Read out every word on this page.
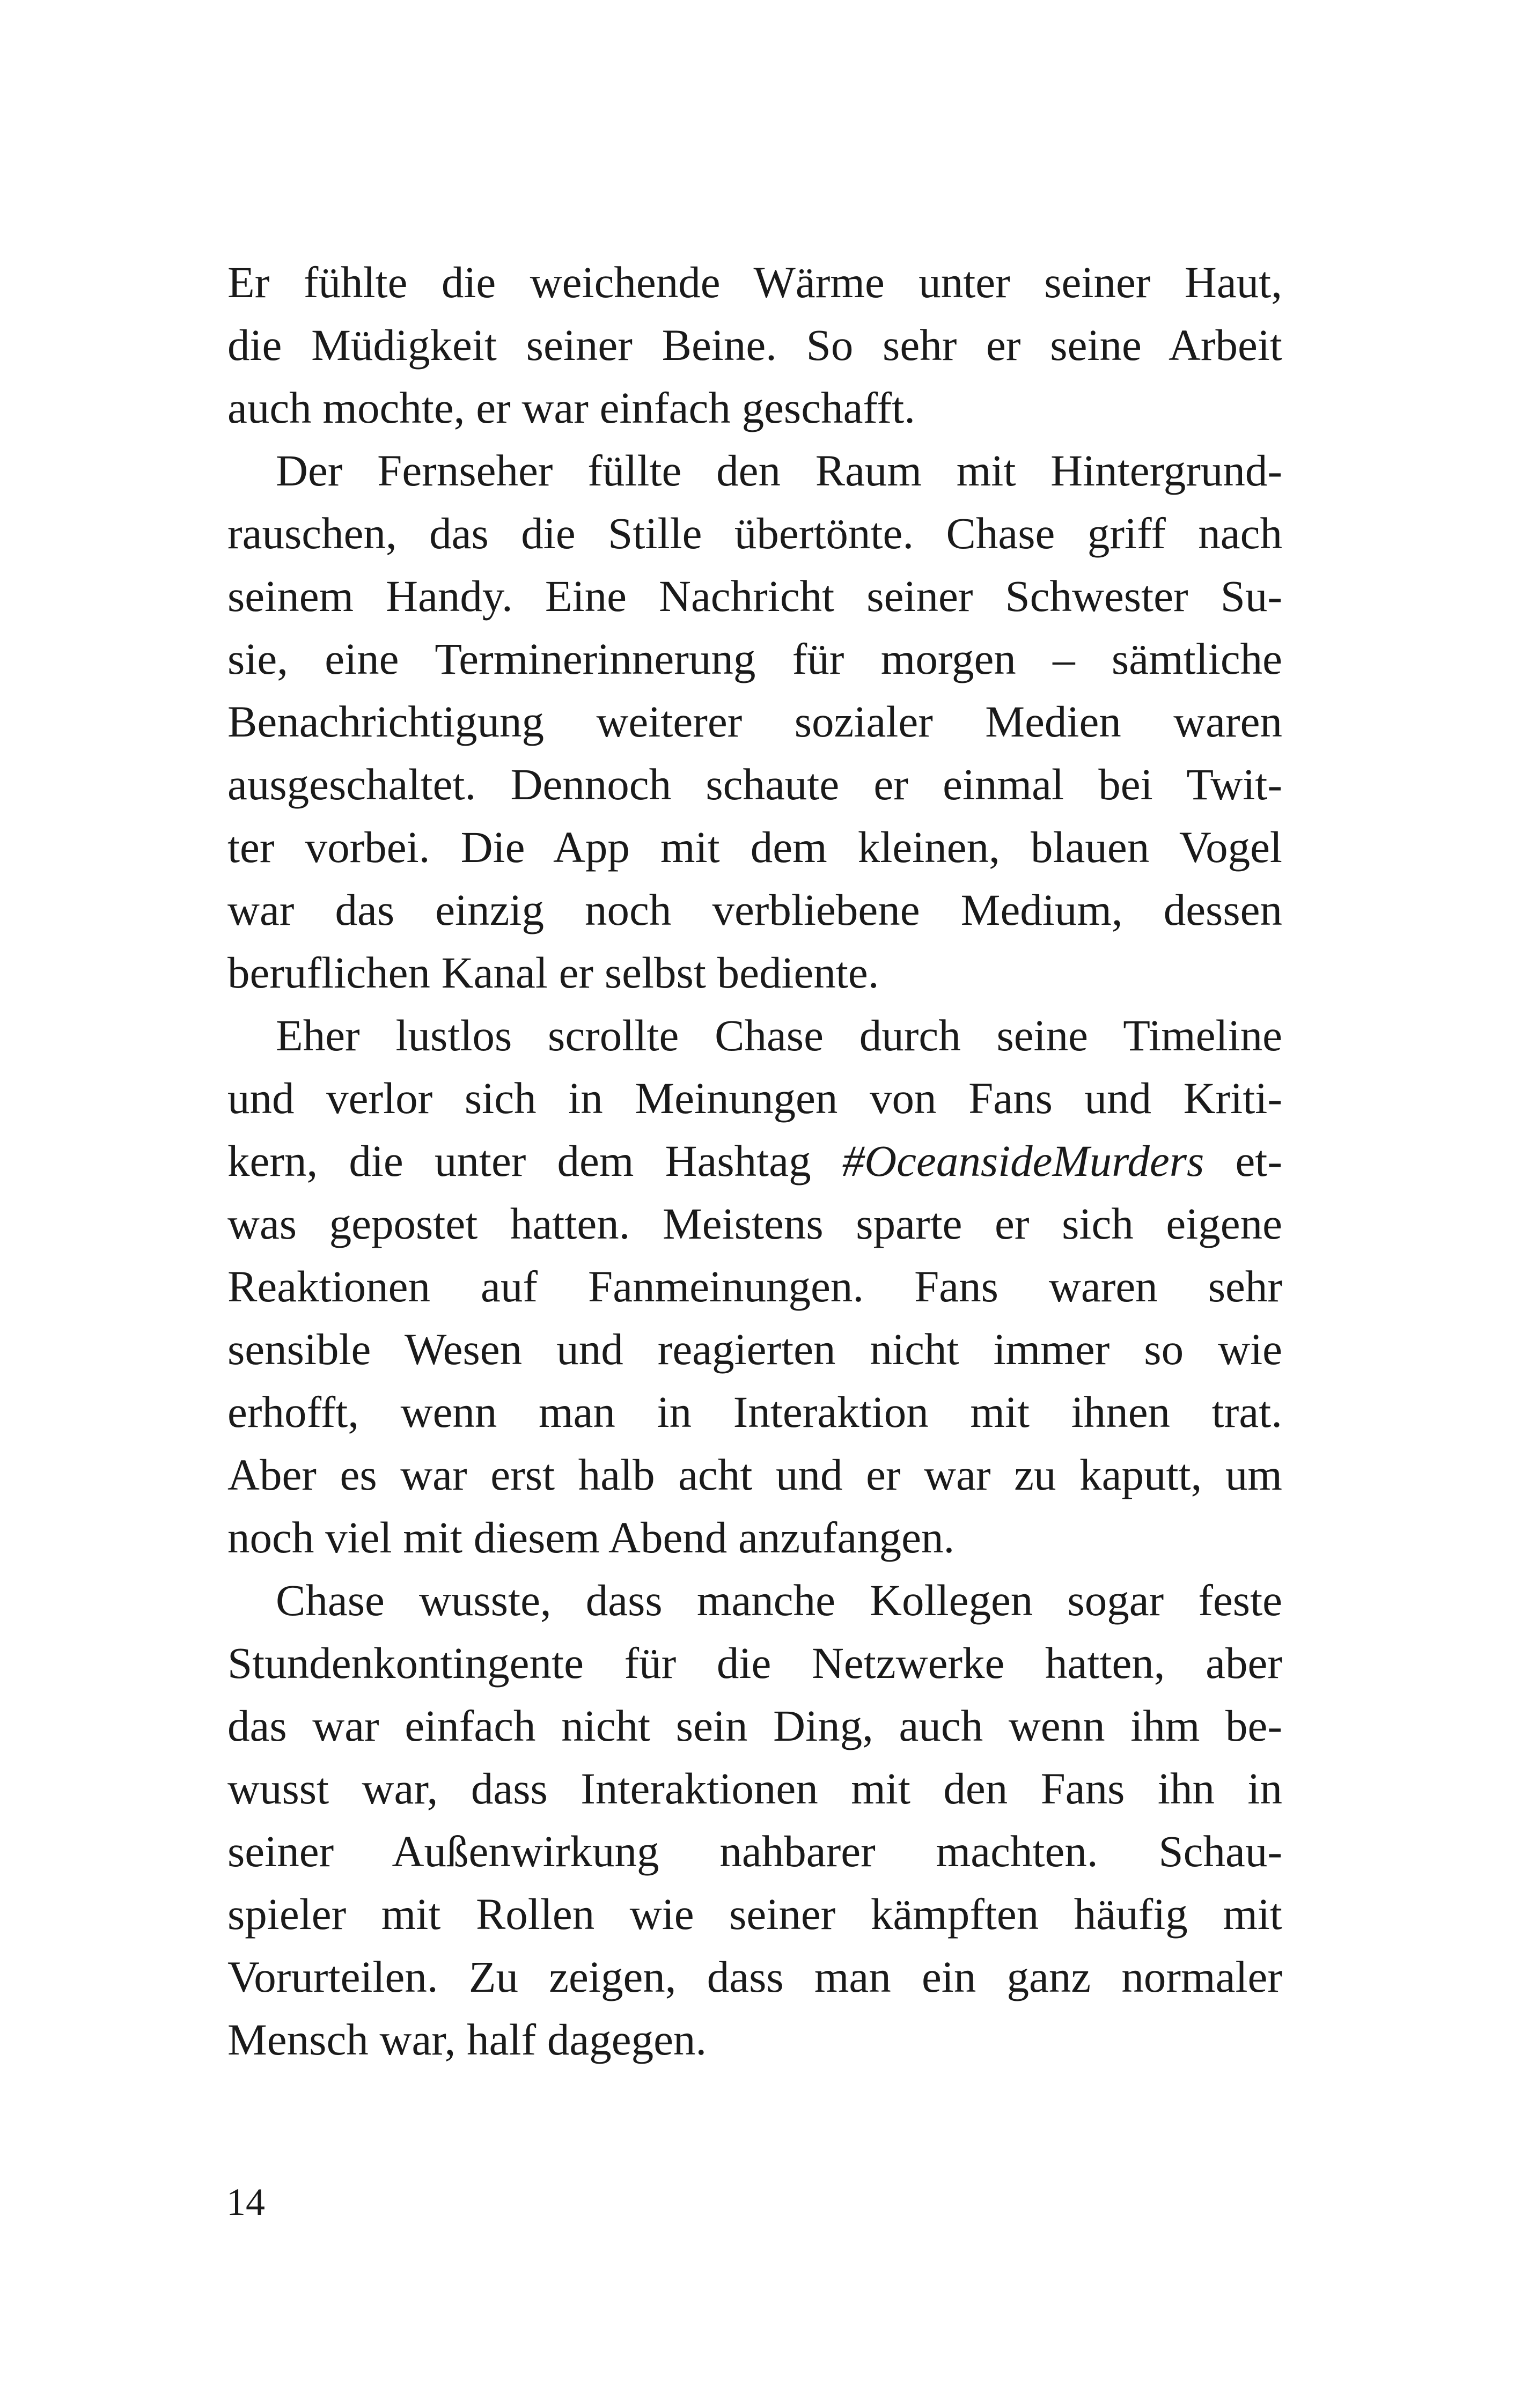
Er fühlte die weichende Wärme unter seiner Haut,
die Müdigkeit seiner Beine. So sehr er seine Arbeit
auch mochte, er war einfach geschafft.

Der Fernseher füllte den Raum mit Hintergrund-
rauschen, das die Stille übertönte. Chase griff nach
seinem Handy. Eine Nachricht seiner Schwester Su-
sie, eine Terminerinnerung für morgen – sämtliche
Benachrichtigung weiterer sozialer Medien waren
ausgeschaltet. Dennoch schaute er einmal bei Twit-
ter vorbei. Die App mit dem kleinen, blauen Vogel
war das einzig noch verbliebene Medium, dessen
beruflichen Kanal er selbst bediente.

Eher lustlos scrollte Chase durch seine Timeline
und verlor sich in Meinungen von Fans und Kriti-
kern, die unter dem Hashtag #OceansideMurders et-
was gepostet hatten. Meistens sparte er sich eigene
Reaktionen auf Fanmeinungen. Fans waren sehr
sensible Wesen und reagierten nicht immer so wie
erhofft, wenn man in Interaktion mit ihnen trat.
Aber es war erst halb acht und er war zu kaputt, um
noch viel mit diesem Abend anzufangen.

Chase wusste, dass manche Kollegen sogar feste
Stundenkontingente für die Netzwerke hatten, aber
das war einfach nicht sein Ding, auch wenn ihm be-
wusst war, dass Interaktionen mit den Fans ihn in
seiner Außenwirkung nahbarer machten. Schau-
spieler mit Rollen wie seiner kämpften häufig mit
Vorurteilen. Zu zeigen, dass man ein ganz normaler
Mensch war, half dagegen.

14
